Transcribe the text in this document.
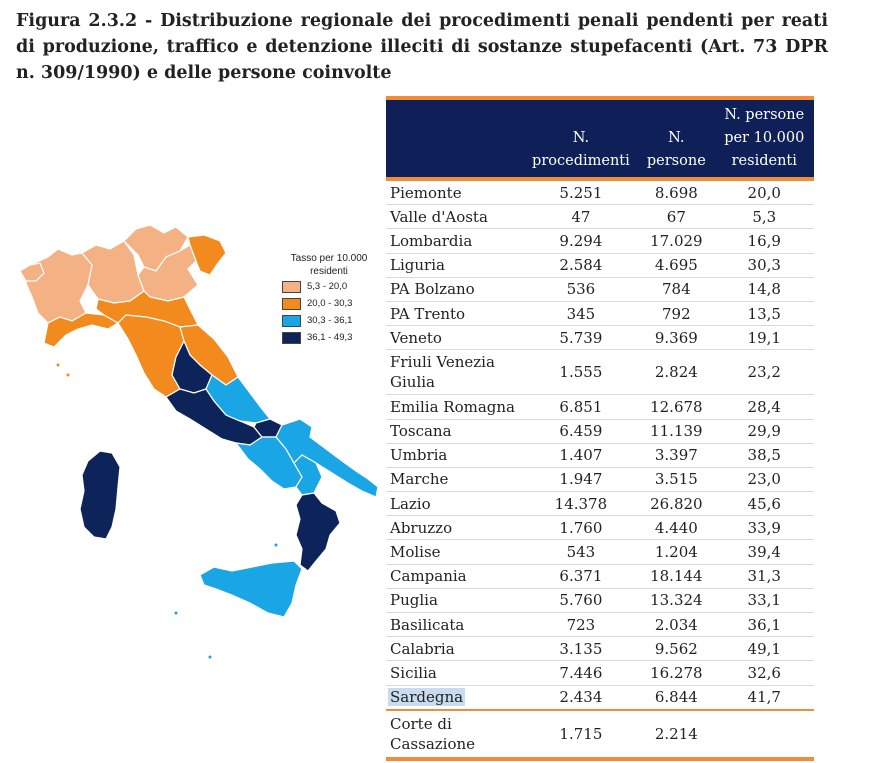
Figura 2.3.2 - Distribuzione regionale dei procedimenti penali pendenti per reati di produzione, traffico e detenzione illeciti di sostanze stupefacenti (Art. 73 DPR n. 309/1990) e delle persone coinvolte
Tasso per 10.000 residenti
5,3 - 20,0
20,0 - 30,3
30,3 - 36,1
36,1 - 49,3
	N. procedimenti	N. persone	N. persone per 10.000 residenti
Piemonte	5.251	8.698	20,0
Valle d'Aosta	47	67	5,3
Lombardia	9.294	17.029	16,9
Liguria	2.584	4.695	30,3
PA Bolzano	536	784	14,8
PA Trento	345	792	13,5
Veneto	5.739	9.369	19,1
Friuli Venezia Giulia	1.555	2.824	23,2
Emilia Romagna	6.851	12.678	28,4
Toscana	6.459	11.139	29,9
Umbria	1.407	3.397	38,5
Marche	1.947	3.515	23,0
Lazio	14.378	26.820	45,6
Abruzzo	1.760	4.440	33,9
Molise	543	1.204	39,4
Campania	6.371	18.144	31,3
Puglia	5.760	13.324	33,1
Basilicata	723	2.034	36,1
Calabria	3.135	9.562	49,1
Sicilia	7.446	16.278	32,6
Sardegna	2.434	6.844	41,7
Corte di Cassazione	1.715	2.214	
